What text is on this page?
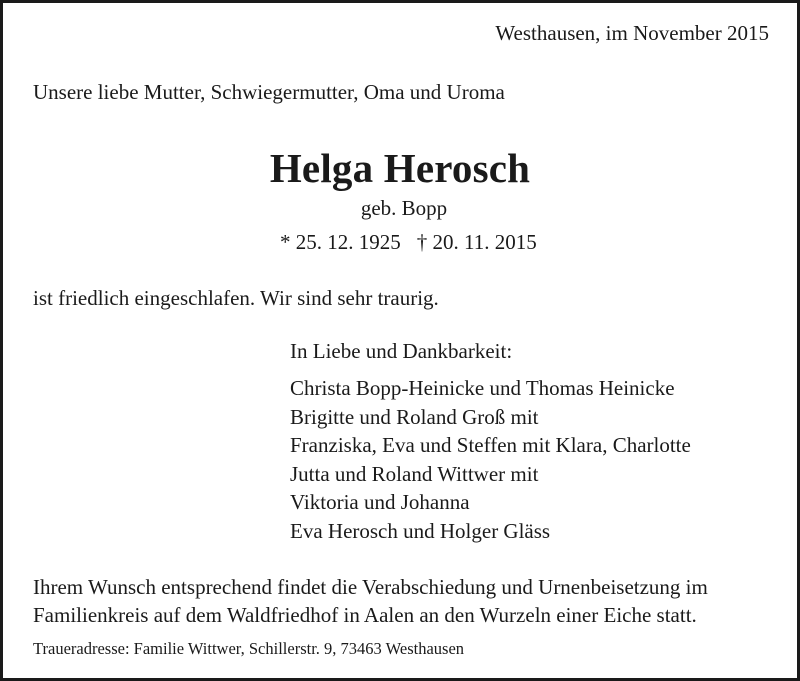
Westhausen, im November 2015
Unsere liebe Mutter, Schwiegermutter, Oma und Uroma
Helga Herosch
geb. Bopp
* 25. 12. 1925 † 20. 11. 2015
ist friedlich eingeschlafen. Wir sind sehr traurig.
In Liebe und Dankbarkeit:
Christa Bopp-Heinicke und Thomas Heinicke
Brigitte und Roland Groß mit
Franziska, Eva und Steffen mit Klara, Charlotte
Jutta und Roland Wittwer mit
Viktoria und Johanna
Eva Herosch und Holger Gläss
Ihrem Wunsch entsprechend findet die Verabschiedung und Urnenbeisetzung im
Familienkreis auf dem Waldfriedhof in Aalen an den Wurzeln einer Eiche statt.
Traueradresse: Familie Wittwer, Schillerstr. 9, 73463 Westhausen
